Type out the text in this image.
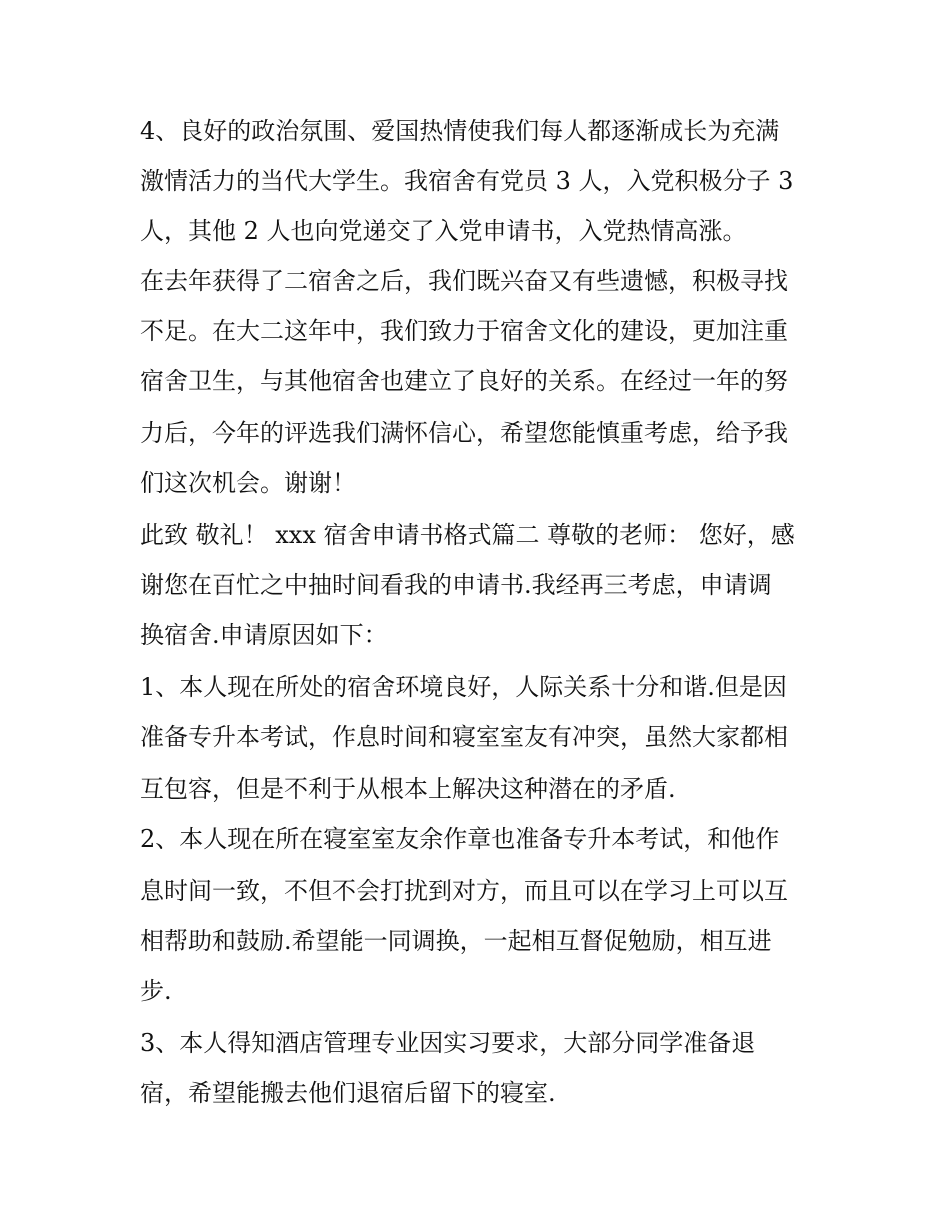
4、良好的政治氛围、爱国热情使我们每人都逐渐成长为充满
激情活力的当代大学生。我宿舍有党员 3 人，入党积极分子 3
人，其他 2 人也向党递交了入党申请书，入党热情高涨。
在去年获得了二宿舍之后，我们既兴奋又有些遗憾，积极寻找
不足。在大二这年中，我们致力于宿舍文化的建设，更加注重
宿舍卫生，与其他宿舍也建立了良好的关系。在经过一年的努
力后，今年的评选我们满怀信心，希望您能慎重考虑，给予我
们这次机会。谢谢！
此致 敬礼！ xxx 宿舍申请书格式篇二 尊敬的老师： 您好，感
谢您在百忙之中抽时间看我的申请书.我经再三考虑，申请调
换宿舍.申请原因如下：
1、本人现在所处的宿舍环境良好，人际关系十分和谐.但是因
准备专升本考试，作息时间和寝室室友有冲突，虽然大家都相
互包容，但是不利于从根本上解决这种潜在的矛盾.
2、本人现在所在寝室室友余作章也准备专升本考试，和他作
息时间一致，不但不会打扰到对方，而且可以在学习上可以互
相帮助和鼓励.希望能一同调换，一起相互督促勉励，相互进
步.
3、本人得知酒店管理专业因实习要求，大部分同学准备退
宿，希望能搬去他们退宿后留下的寝室.
